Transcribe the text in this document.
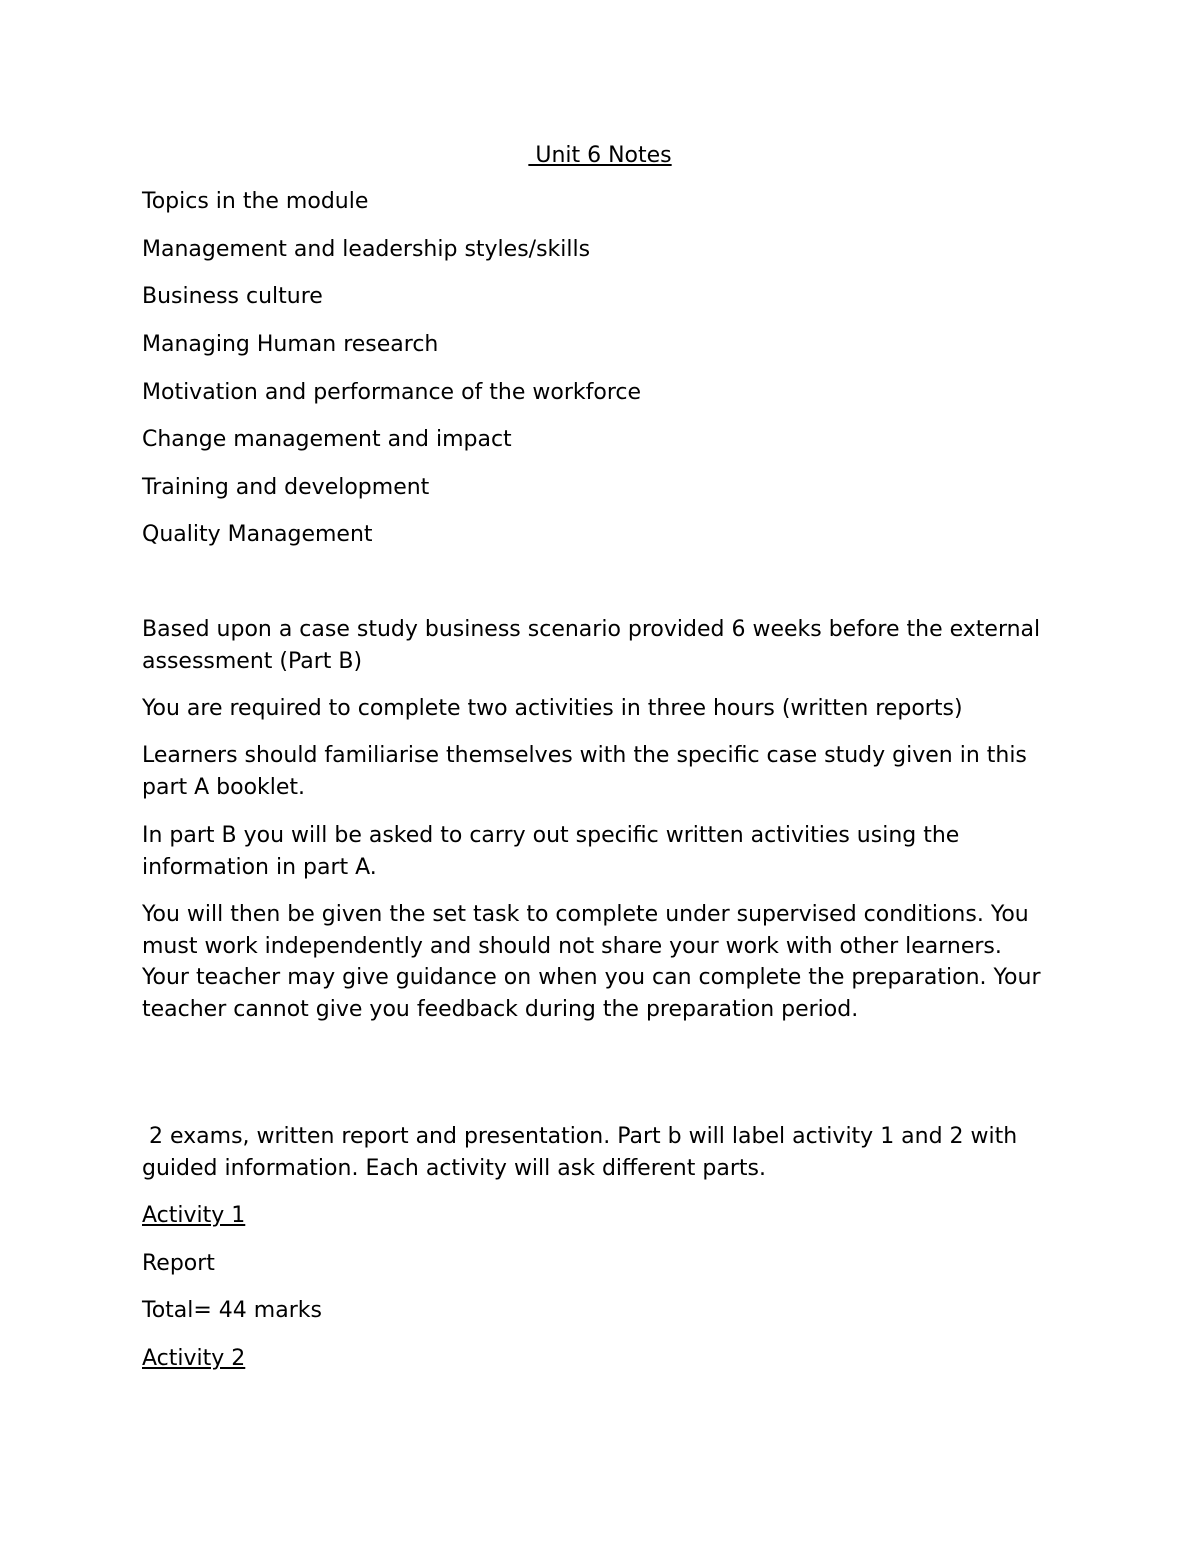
Unit 6 Notes

Topics in the module

Management and leadership styles/skills

Business culture

Managing Human research

Motivation and performance of the workforce

Change management and impact

Training and development

Quality Management

Based upon a case study business scenario provided 6 weeks before the external assessment (Part B)

You are required to complete two activities in three hours (written reports)

Learners should familiarise themselves with the specific case study given in this part A booklet.

In part B you will be asked to carry out specific written activities using the information in part A.

You will then be given the set task to complete under supervised conditions. You must work independently and should not share your work with other learners. Your teacher may give guidance on when you can complete the preparation. Your teacher cannot give you feedback during the preparation period.

2 exams, written report and presentation. Part b will label activity 1 and 2 with guided information. Each activity will ask different parts.

Activity 1

Report

Total= 44 marks

Activity 2
